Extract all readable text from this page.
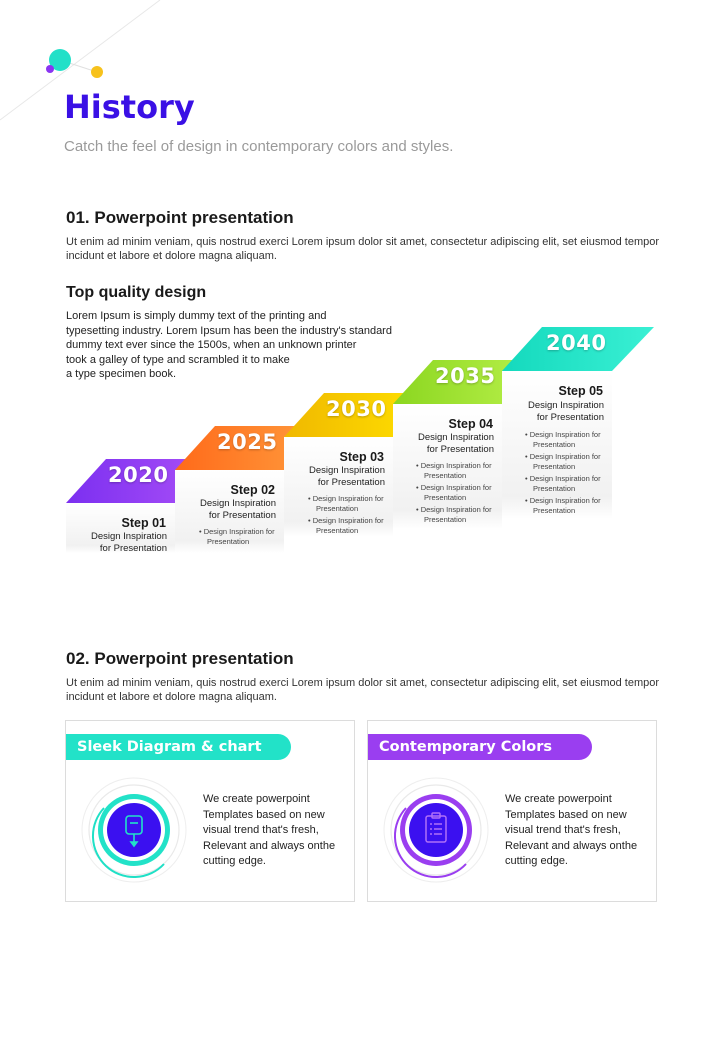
History
Catch the feel of design in contemporary colors and styles.
01. Powerpoint presentation
Ut enim ad minim veniam, quis nostrud exerci Lorem ipsum dolor sit amet, consectetur adipiscing elit, set eiusmod tempor incidunt et labore et dolore magna aliquam.
Top quality design
Lorem Ipsum is simply dummy text of the printing and
typesetting industry. Lorem Ipsum has been the industry's standard
dummy text ever since the 1500s, when an unknown printer
took a galley of type and scrambled it to make
a type specimen book.
2020
2025
2030
2035
2040
Step 01
Design Inspiration
for Presentation
Step 02
Design Inspiration
for Presentation
• Design Inspiration for Presentation
Step 03
Design Inspiration
for Presentation
• Design Inspiration for Presentation
• Design Inspiration for Presentation
Step 04
Design Inspiration
for Presentation
• Design Inspiration for Presentation
• Design Inspiration for Presentation
• Design Inspiration for Presentation
Step 05
Design Inspiration
for Presentation
• Design Inspiration for Presentation
• Design Inspiration for Presentation
• Design Inspiration for Presentation
• Design Inspiration for Presentation
02. Powerpoint presentation
Ut enim ad minim veniam, quis nostrud exerci Lorem ipsum dolor sit amet, consectetur adipiscing elit, set eiusmod tempor incidunt et labore et dolore magna aliquam.
Sleek Diagram & chart
We create powerpoint Templates based on new visual trend that's fresh, Relevant and always onthe cutting edge.
Contemporary Colors
We create powerpoint Templates based on new visual trend that's fresh, Relevant and always onthe cutting edge.
